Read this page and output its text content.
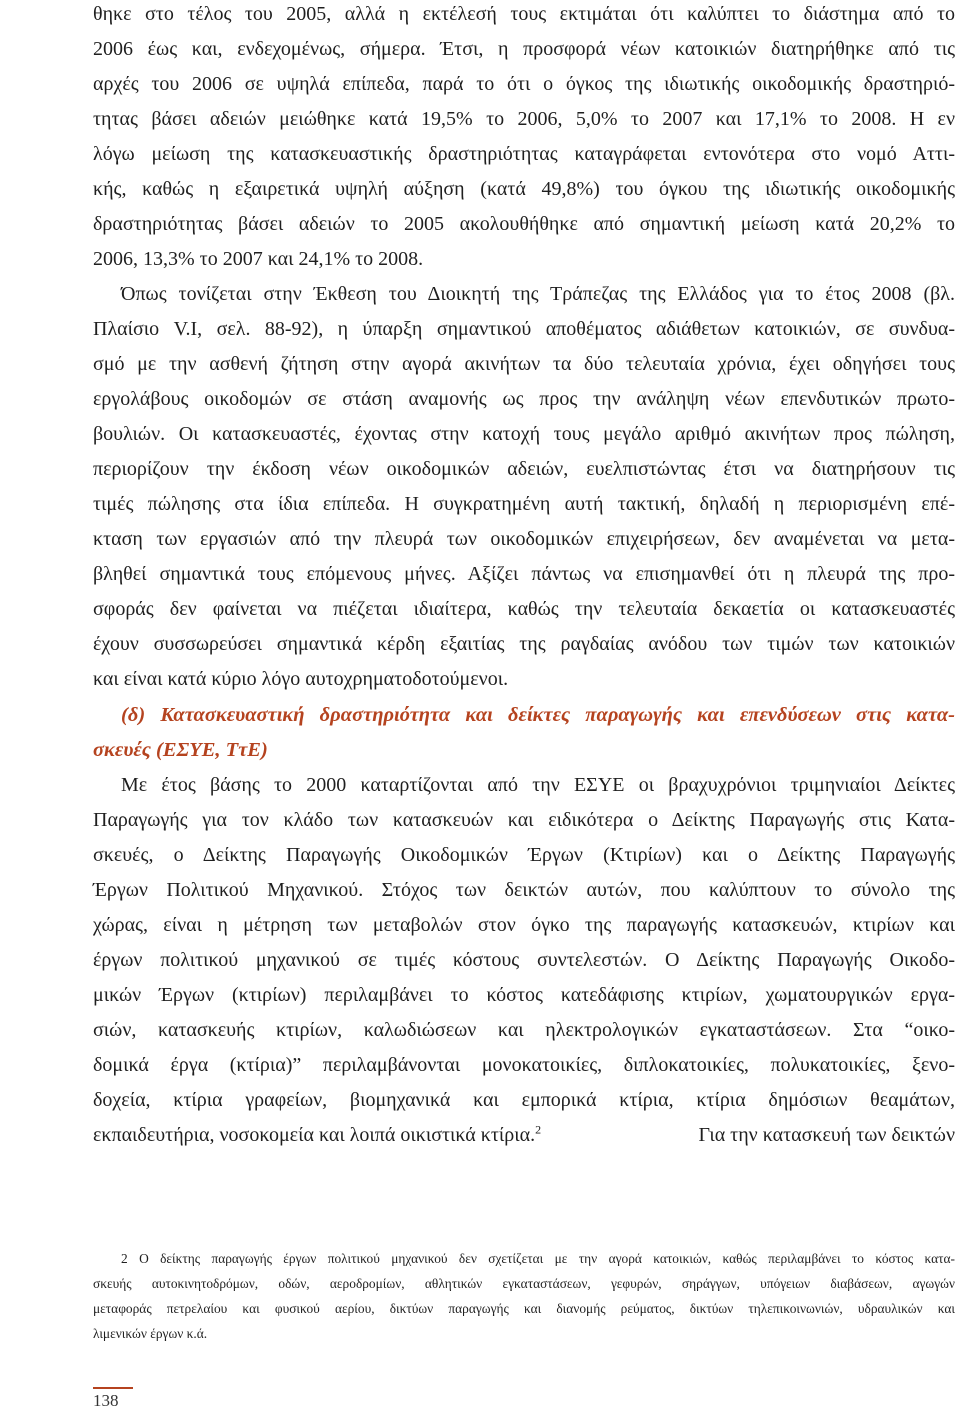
θηκε στο τέλος του 2005, αλλά η εκτέλεσή τους εκτιμάται ότι καλύπτει το διάστημα από το
2006 έως και, ενδεχομένως, σήμερα. Έτσι, η προσφορά νέων κατοικιών διατηρήθηκε από τις
αρχές του 2006 σε υψηλά επίπεδα, παρά το ότι ο όγκος της ιδιωτικής οικοδομικής δραστηριό-
τητας βάσει αδειών μειώθηκε κατά 19,5% το 2006, 5,0% το 2007 και 17,1% το 2008. Η εν
λόγω μείωση της κατασκευαστικής δραστηριότητας καταγράφεται εντονότερα στο νομό Αττι-
κής, καθώς η εξαιρετικά υψηλή αύξηση (κατά 49,8%) του όγκου της ιδιωτικής οικοδομικής
δραστηριότητας βάσει αδειών το 2005 ακολουθήθηκε από σημαντική μείωση κατά 20,2% το
2006, 13,3% το 2007 και 24,1% το 2008.
Όπως τονίζεται στην Έκθεση του Διοικητή της Τράπεζας της Ελλάδος για το έτος 2008 (βλ.
Πλαίσιο V.I, σελ. 88-92), η ύπαρξη σημαντικού αποθέματος αδιάθετων κατοικιών, σε συνδυα-
σμό με την ασθενή ζήτηση στην αγορά ακινήτων τα δύο τελευταία χρόνια, έχει οδηγήσει τους
εργολάβους οικοδομών σε στάση αναμονής ως προς την ανάληψη νέων επενδυτικών πρωτο-
βουλιών. Οι κατασκευαστές, έχοντας στην κατοχή τους μεγάλο αριθμό ακινήτων προς πώληση,
περιορίζουν την έκδοση νέων οικοδομικών αδειών, ευελπιστώντας έτσι να διατηρήσουν τις
τιμές πώλησης στα ίδια επίπεδα. Η συγκρατημένη αυτή τακτική, δηλαδή η περιορισμένη επέ-
κταση των εργασιών από την πλευρά των οικοδομικών επιχειρήσεων, δεν αναμένεται να μετα-
βληθεί σημαντικά τους επόμενους μήνες. Αξίζει πάντως να επισημανθεί ότι η πλευρά της προ-
σφοράς δεν φαίνεται να πιέζεται ιδιαίτερα, καθώς την τελευταία δεκαετία οι κατασκευαστές
έχουν συσσωρεύσει σημαντικά κέρδη εξαιτίας της ραγδαίας ανόδου των τιμών των κατοικιών
και είναι κατά κύριο λόγο αυτοχρηματοδοτούμενοι.
(δ) Κατασκευαστική δραστηριότητα και δείκτες παραγωγής και επενδύσεων στις κατα-
σκευές (ΕΣΥΕ, ΤτΕ)
Με έτος βάσης το 2000 καταρτίζονται από την ΕΣΥΕ οι βραχυχρόνιοι τριμηνιαίοι Δείκτες
Παραγωγής για τον κλάδο των κατασκευών και ειδικότερα ο Δείκτης Παραγωγής στις Κατα-
σκευές, ο Δείκτης Παραγωγής Οικοδομικών Έργων (Κτιρίων) και ο Δείκτης Παραγωγής
Έργων Πολιτικού Μηχανικού. Στόχος των δεικτών αυτών, που καλύπτουν το σύνολο της
χώρας, είναι η μέτρηση των μεταβολών στον όγκο της παραγωγής κατασκευών, κτιρίων και
έργων πολιτικού μηχανικού σε τιμές κόστους συντελεστών. Ο Δείκτης Παραγωγής Οικοδο-
μικών Έργων (κτιρίων) περιλαμβάνει το κόστος κατεδάφισης κτιρίων, χωματουργικών εργα-
σιών, κατασκευής κτιρίων, καλωδιώσεων και ηλεκτρολογικών εγκαταστάσεων. Στα “οικο-
δομικά έργα (κτίρια)” περιλαμβάνονται μονοκατοικίες, διπλοκατοικίες, πολυκατοικίες, ξενο-
δοχεία, κτίρια γραφείων, βιομηχανικά και εμπορικά κτίρια, κτίρια δημόσιων θεαμάτων,
εκπαιδευτήρια, νοσοκομεία και λοιπά οικιστικά κτίρια.$^2$	Για την κατασκευή των δεικτών
2 Ο δείκτης παραγωγής έργων πολιτικού μηχανικού δεν σχετίζεται με την αγορά κατοικιών, καθώς περιλαμβάνει το κόστος κατα-
σκευής αυτοκινητοδρόμων, οδών, αεροδρομίων, αθλητικών εγκαταστάσεων, γεφυρών, σηράγγων, υπόγειων διαβάσεων, αγωγών
μεταφοράς πετρελαίου και φυσικού αερίου, δικτύων παραγωγής και διανομής ρεύματος, δικτύων τηλεπικοινωνιών, υδραυλικών και
λιμενικών έργων κ.ά.
138
